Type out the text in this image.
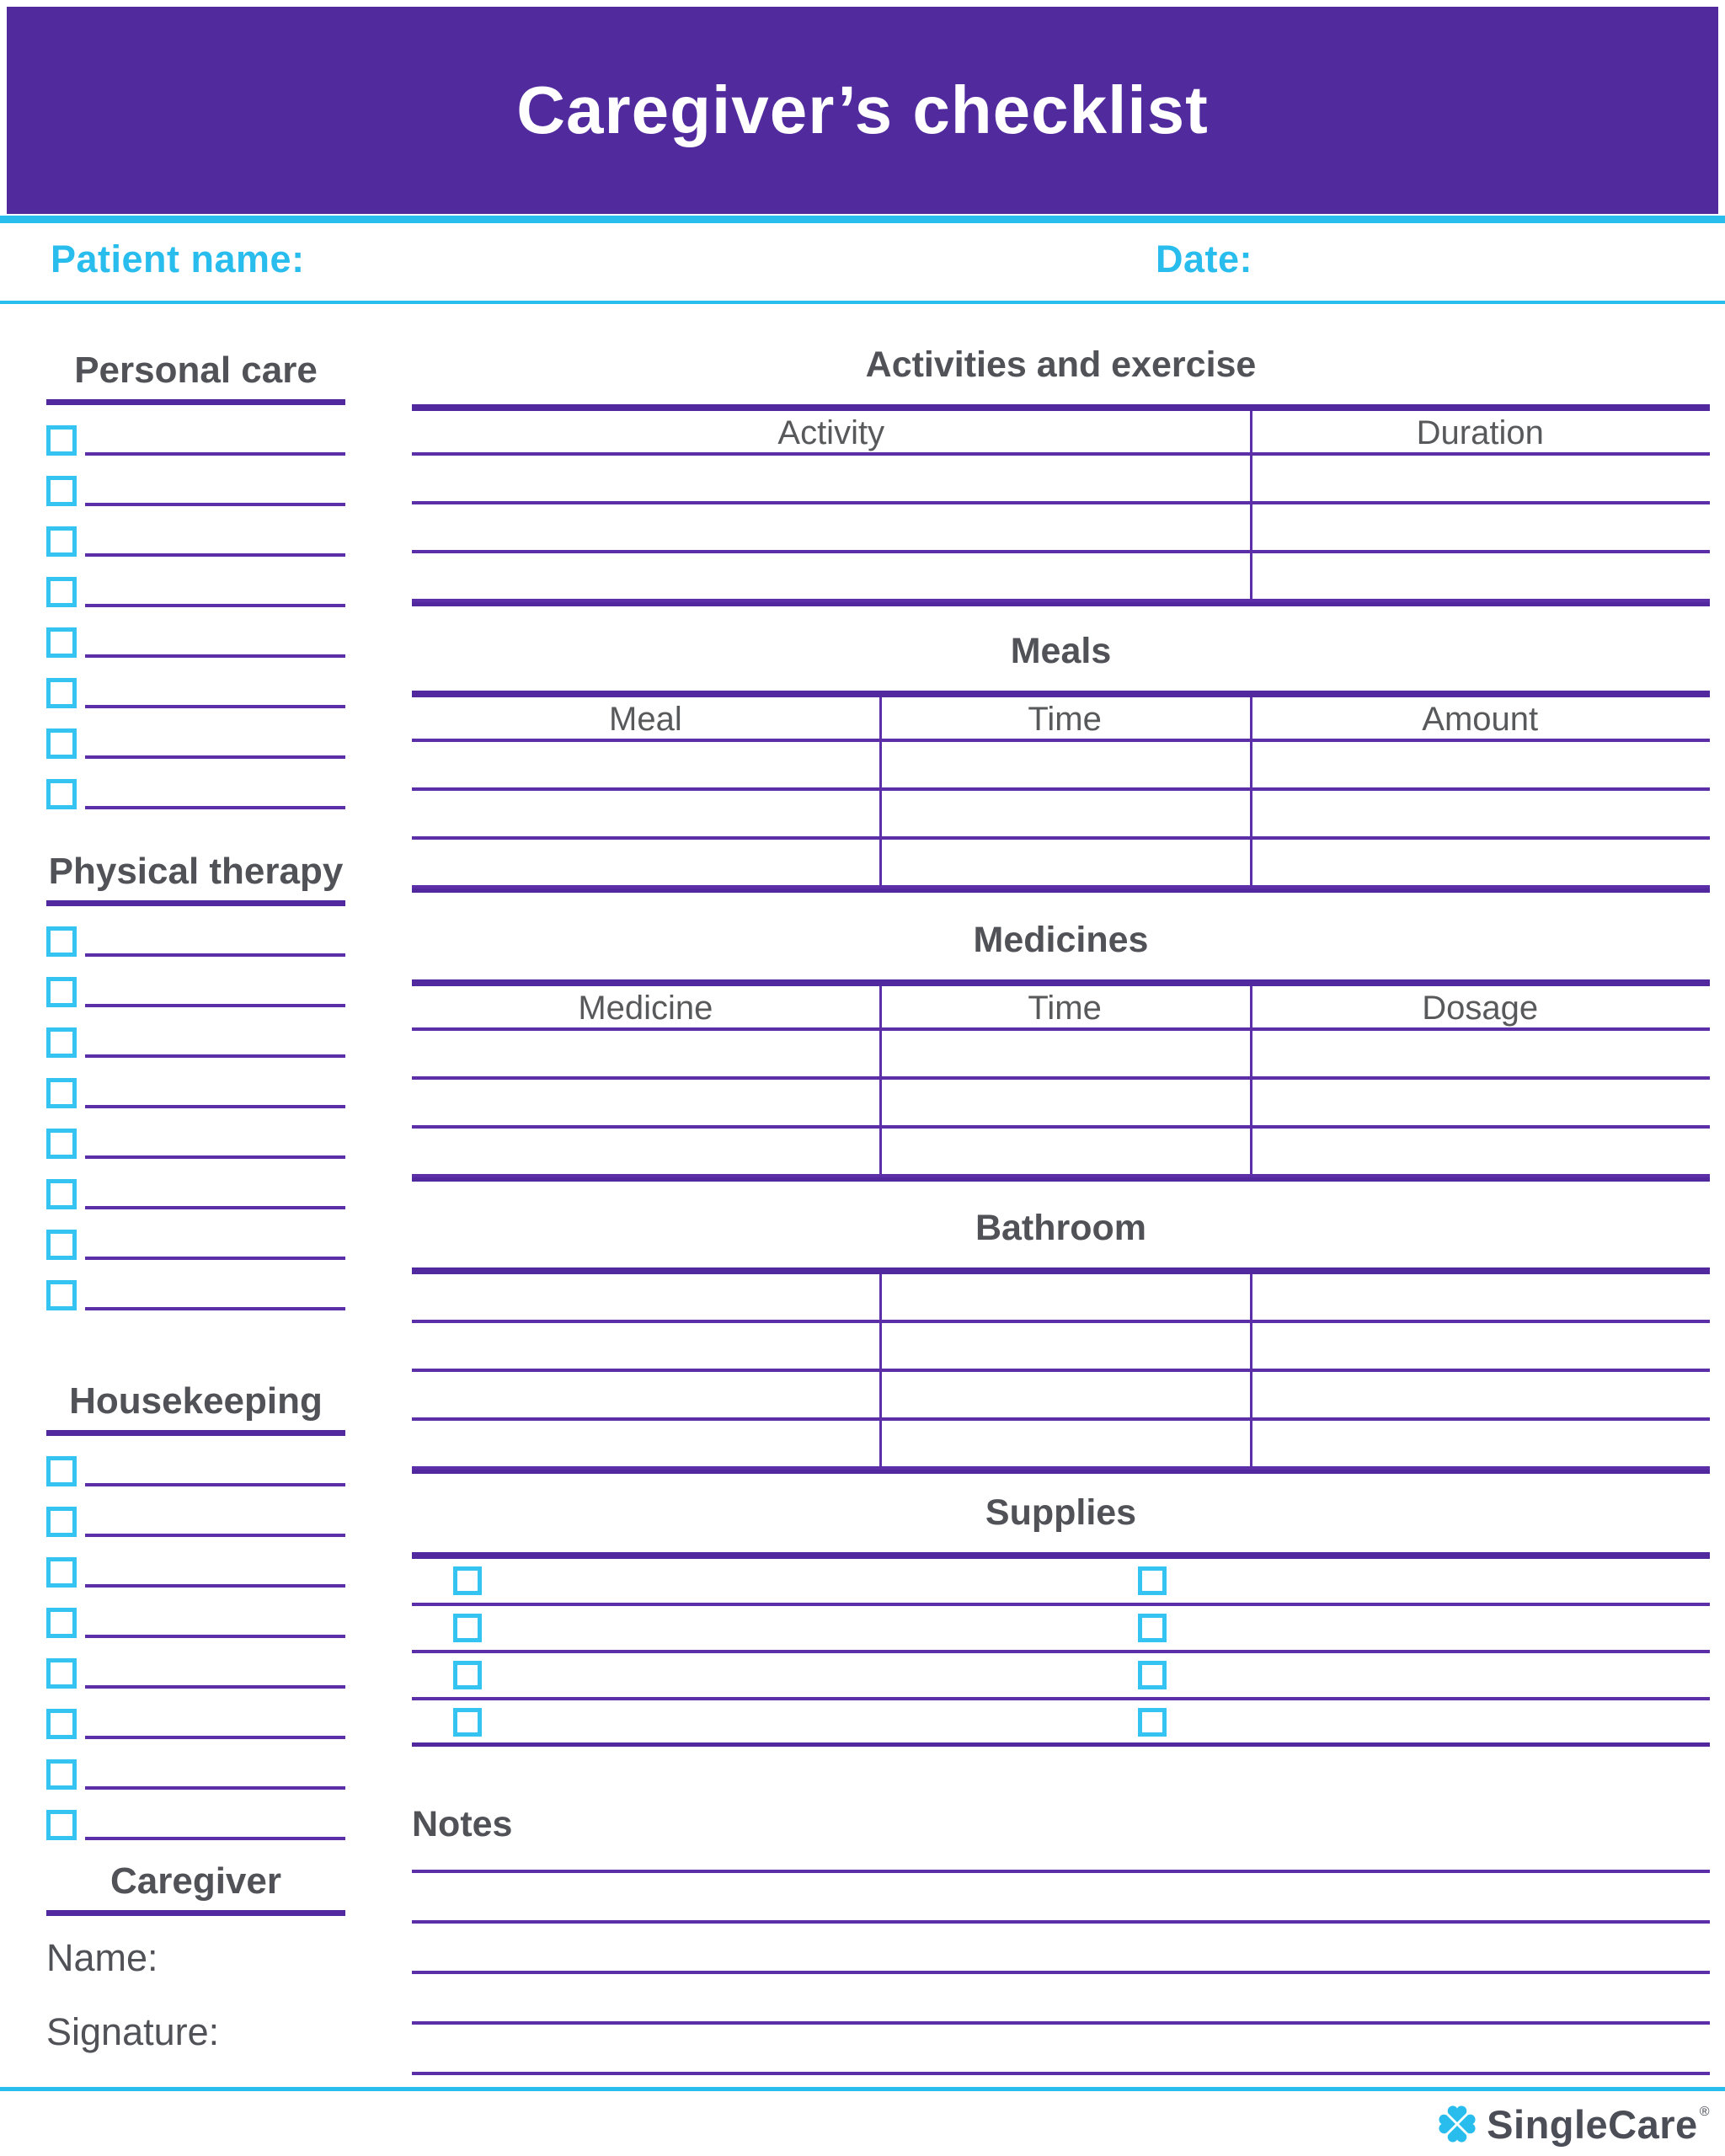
Caregiver’s checklist
Patient name:	Date:
Personal care
Physical therapy
Housekeeping
Caregiver

Name:

Signature:

Activities and exercise
Activity	Duration
Meals
Meal	Time	Amount
Medicines
Medicine	Time	Dosage
Bathroom
Supplies
Notes
SingleCare ®
